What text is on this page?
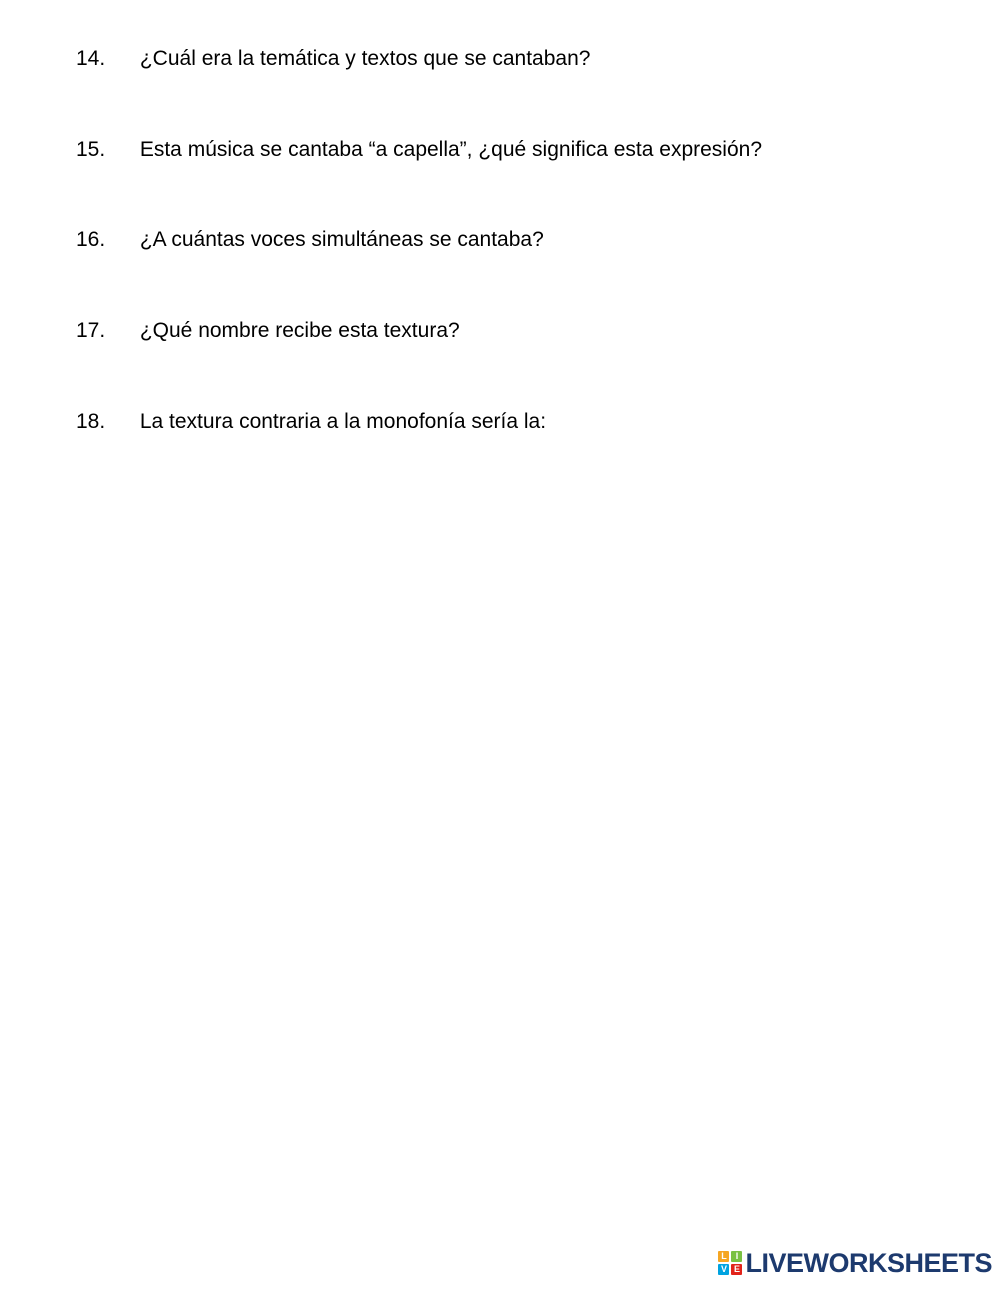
14. ¿Cuál era la temática y textos que se cantaban?
15. Esta música se cantaba “a capella”, ¿qué significa esta expresión?
16. ¿A cuántas voces simultáneas se cantaba?
17. ¿Qué nombre recibe esta textura?
18. La textura contraria a la monofonía sería la:
L I
V E LIVEWORKSHEETS
